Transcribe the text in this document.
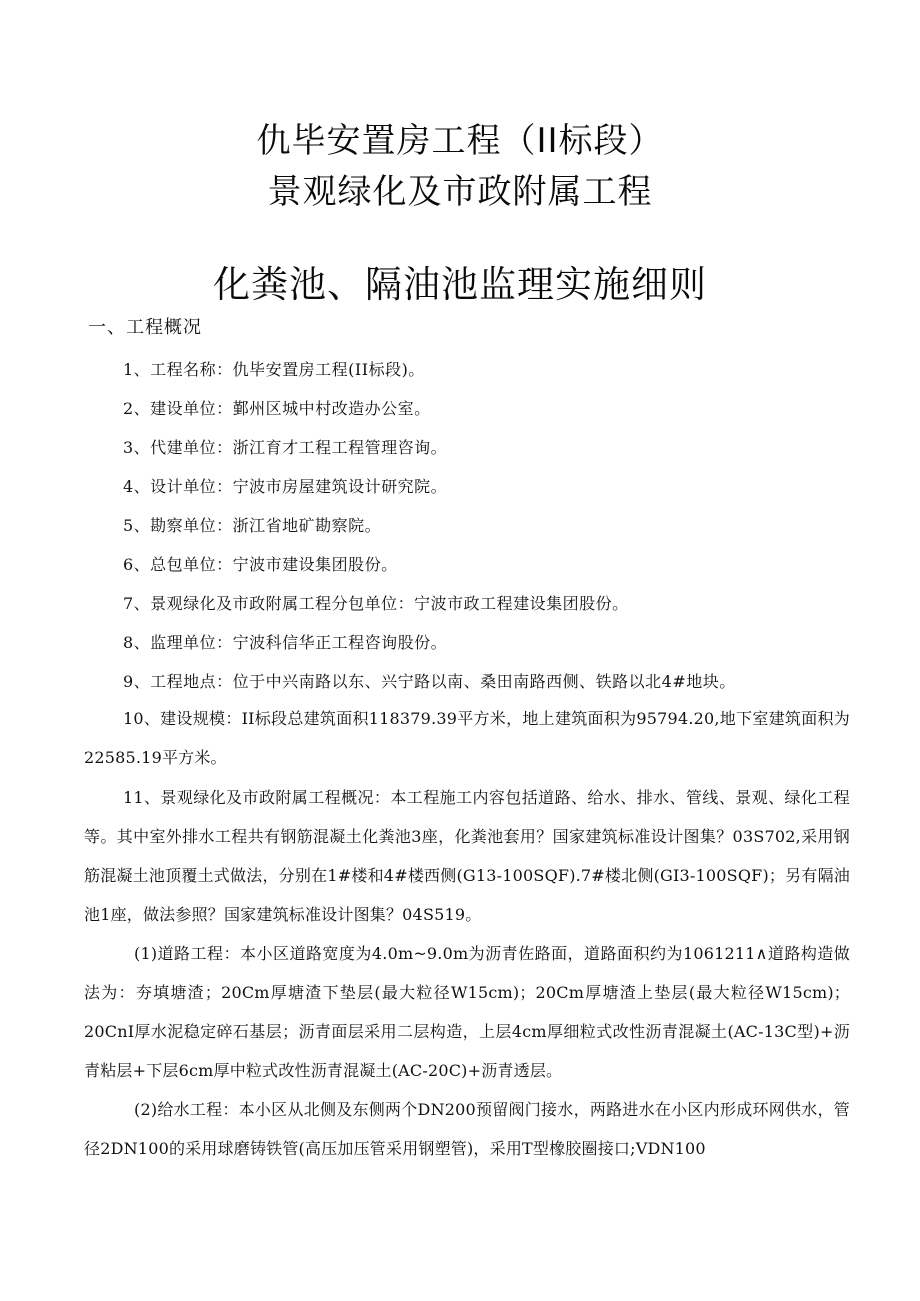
仇毕安置房工程（II标段）
景观绿化及市政附属工程
化粪池、隔油池监理实施细则
一、工程概况
1、工程名称：仇毕安置房工程(II标段)。
2、建设单位：鄞州区城中村改造办公室。
3、代建单位：浙江育才工程工程管理咨询。
4、设计单位：宁波市房屋建筑设计研究院。
5、勘察单位：浙江省地矿勘察院。
6、总包单位：宁波市建设集团股份。
7、景观绿化及市政附属工程分包单位：宁波市政工程建设集团股份。
8、监理单位：宁波科信华正工程咨询股份。
9、工程地点：位于中兴南路以东、兴宁路以南、桑田南路西侧、铁路以北4#地块。
10、建设规模：II标段总建筑面积118379.39平方米，地上建筑面积为95794.20,地下室建筑面积为22585.19平方米。
11、景观绿化及市政附属工程概况：本工程施工内容包括道路、给水、排水、管线、景观、绿化工程等。其中室外排水工程共有钢筋混凝土化粪池3座，化粪池套用？国家建筑标准设计图集？03S702,采用钢筋混凝土池顶覆土式做法，分别在1#楼和4#楼西侧(G13-100SQF).7#楼北侧(GI3-100SQF)；另有隔油池1座，做法参照？国家建筑标准设计图集？04S519。
(1)道路工程：本小区道路宽度为4.0m~9.0m为沥青佐路面，道路面积约为1061211∧道路构造做法为：夯填塘渣；20Cm厚塘渣下垫层(最大粒径W15cm)；20Cm厚塘渣上垫层(最大粒径W15cm)；20CnI厚水泥稳定碎石基层；沥青面层采用二层构造，上层4cm厚细粒式改性沥青混凝土(AC-13C型)+沥青粘层+下层6cm厚中粒式改性沥青混凝土(AC-20C)+沥青透层。
(2)给水工程：本小区从北侧及东侧两个DN200预留阀门接水，两路进水在小区内形成环网供水，管径2DN100的采用球磨铸铁管(高压加压管采用钢塑管)，采用T型橡胶圈接口;VDN100
